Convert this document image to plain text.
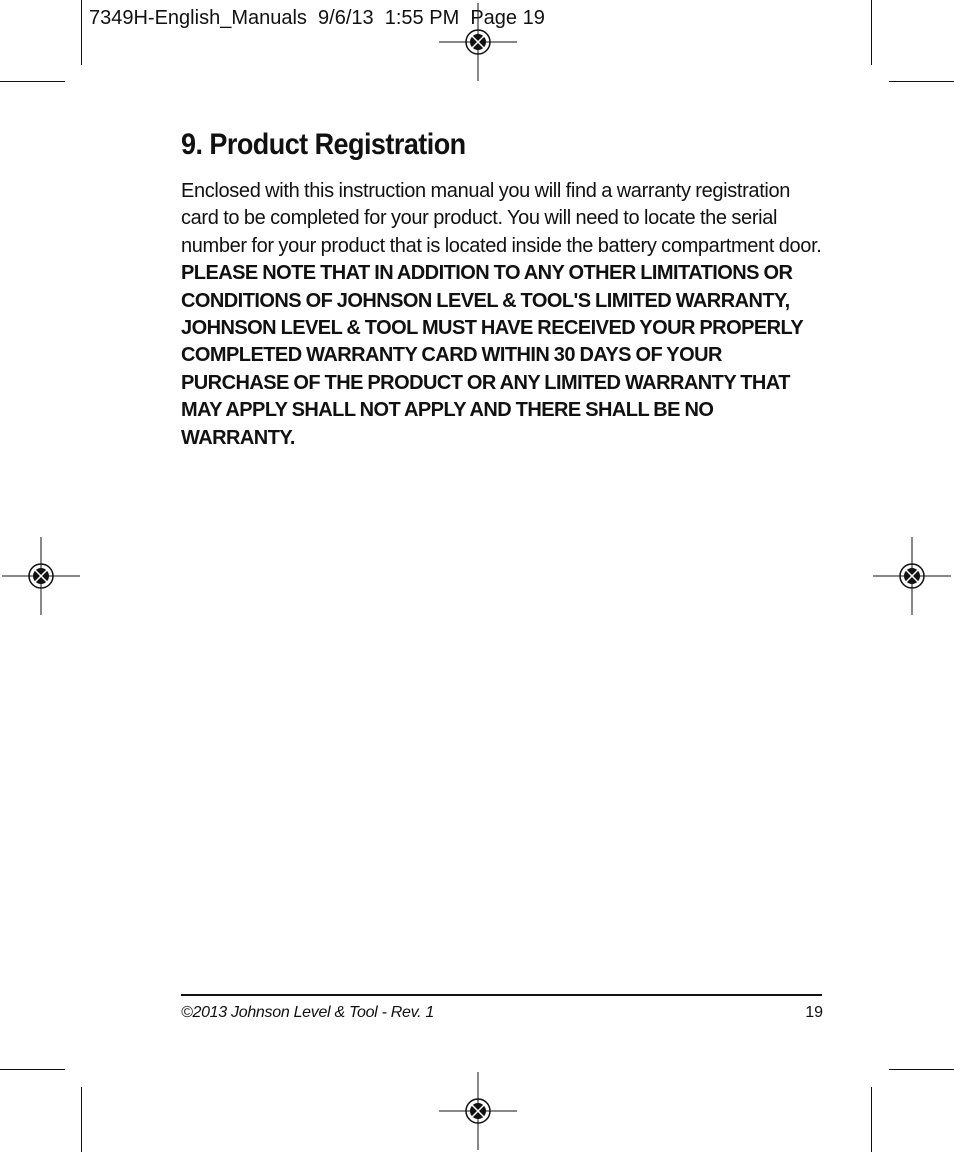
7349H-English_Manuals  9/6/13  1:55 PM  Page 19
9. Product Registration

Enclosed with this instruction manual you will find a warranty registration card to be completed for your product. You will need to locate the serial number for your product that is located inside the battery compartment door. PLEASE NOTE THAT IN ADDITION TO ANY OTHER LIMITATIONS OR CONDITIONS OF JOHNSON LEVEL & TOOL'S LIMITED WARRANTY, JOHNSON LEVEL & TOOL MUST HAVE RECEIVED YOUR PROPERLY COMPLETED WARRANTY CARD WITHIN 30 DAYS OF YOUR PURCHASE OF THE PRODUCT OR ANY LIMITED WARRANTY THAT MAY APPLY SHALL NOT APPLY AND THERE SHALL BE NO WARRANTY.

©2013 Johnson Level & Tool - Rev. 1	19
